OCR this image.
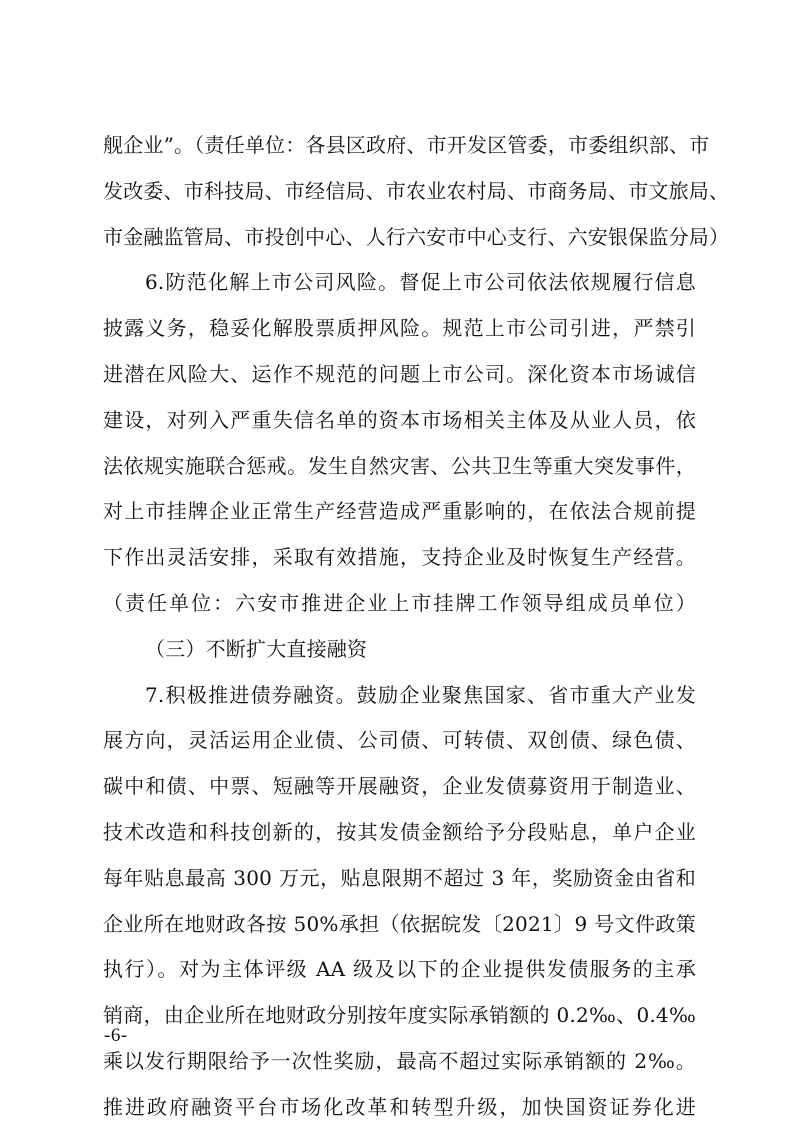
舰企业”。（责任单位：各县区政府、市开发区管委，市委组织部、市
发改委、市科技局、市经信局、市农业农村局、市商务局、市文旅局、
市金融监管局、市投创中心、人行六安市中心支行、六安银保监分局）
6.防范化解上市公司风险。督促上市公司依法依规履行信息
披露义务，稳妥化解股票质押风险。规范上市公司引进，严禁引
进潜在风险大、运作不规范的问题上市公司。深化资本市场诚信
建设，对列入严重失信名单的资本市场相关主体及从业人员，依
法依规实施联合惩戒。发生自然灾害、公共卫生等重大突发事件，
对上市挂牌企业正常生产经营造成严重影响的，在依法合规前提
下作出灵活安排，采取有效措施，支持企业及时恢复生产经营。
（责任单位：六安市推进企业上市挂牌工作领导组成员单位）
（三）不断扩大直接融资
7.积极推进债券融资。鼓励企业聚焦国家、省市重大产业发
展方向，灵活运用企业债、公司债、可转债、双创债、绿色债、
碳中和债、中票、短融等开展融资，企业发债募资用于制造业、
技术改造和科技创新的，按其发债金额给予分段贴息，单户企业
每年贴息最高 300 万元，贴息限期不超过 3 年，奖励资金由省和
企业所在地财政各按 50%承担（依据皖发〔2021〕9 号文件政策
执行）。对为主体评级 AA 级及以下的企业提供发债服务的主承
销商，由企业所在地财政分别按年度实际承销额的 0.2‰、0.4‰
乘以发行期限给予一次性奖励，最高不超过实际承销额的 2‰。
推进政府融资平台市场化改革和转型升级，加快国资证券化进
-6-
